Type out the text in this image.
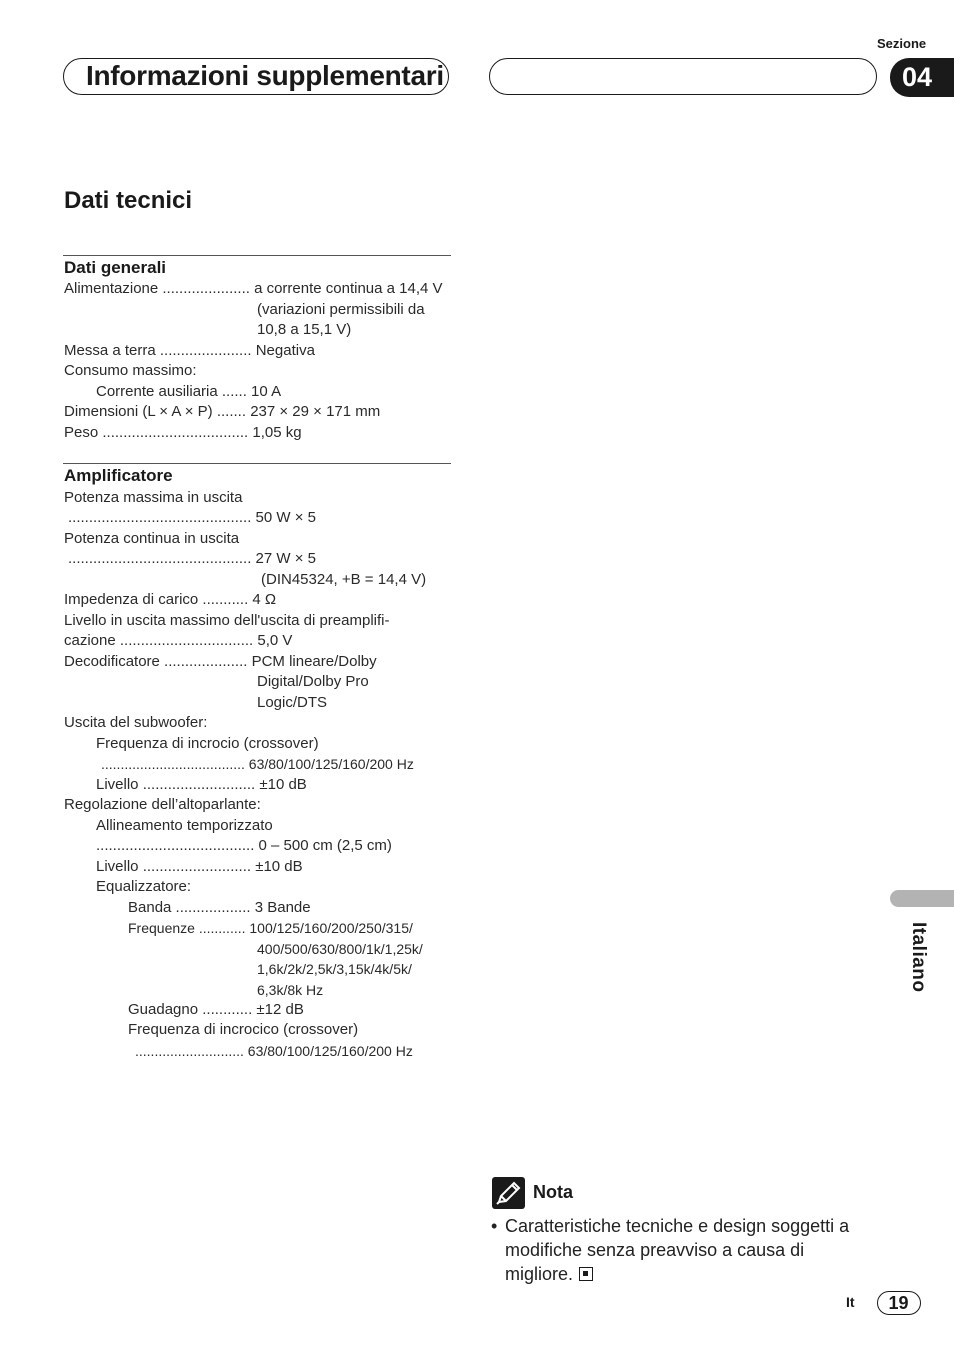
Sezione
Informazioni supplementari	04
Dati tecnici
Dati generali
Alimentazione ..................... a corrente continua a 14,4 V
(variazioni permissibili da
10,8 a 15,1 V)
Messa a terra ...................... Negativa
Consumo massimo:
Corrente ausiliaria ...... 10 A
Dimensioni (L × A × P) ....... 237 × 29 × 171 mm
Peso ................................... 1,05 kg
Amplificatore
Potenza massima in uscita
............................................ 50 W × 5
Potenza continua in uscita
............................................ 27 W × 5
(DIN45324, +B = 14,4 V)
Impedenza di carico ........... 4 Ω
Livello in uscita massimo dell'uscita di preamplifi-
cazione ................................ 5,0 V
Decodificatore .................... PCM lineare/Dolby
Digital/Dolby Pro
Logic/DTS
Uscita del subwoofer:
Frequenza di incrocio (crossover)
..................................... 63/80/100/125/160/200 Hz
Livello ........................... ±10 dB
Regolazione dell’altoparlante:
Allineamento temporizzato
...................................... 0 – 500 cm (2,5 cm)
Livello .......................... ±10 dB
Equalizzatore:
Banda .................. 3 Bande
Frequenze ............ 100/125/160/200/250/315/
400/500/630/800/1k/1,25k/
1,6k/2k/2,5k/3,15k/4k/5k/
6,3k/8k Hz
Guadagno ............ ±12 dB
Frequenza di incrocico (crossover)
............................ 63/80/100/125/160/200 Hz
Italiano
Nota
• Caratteristiche tecniche e design soggetti a modifiche senza preavviso a causa di migliore.
It	19
